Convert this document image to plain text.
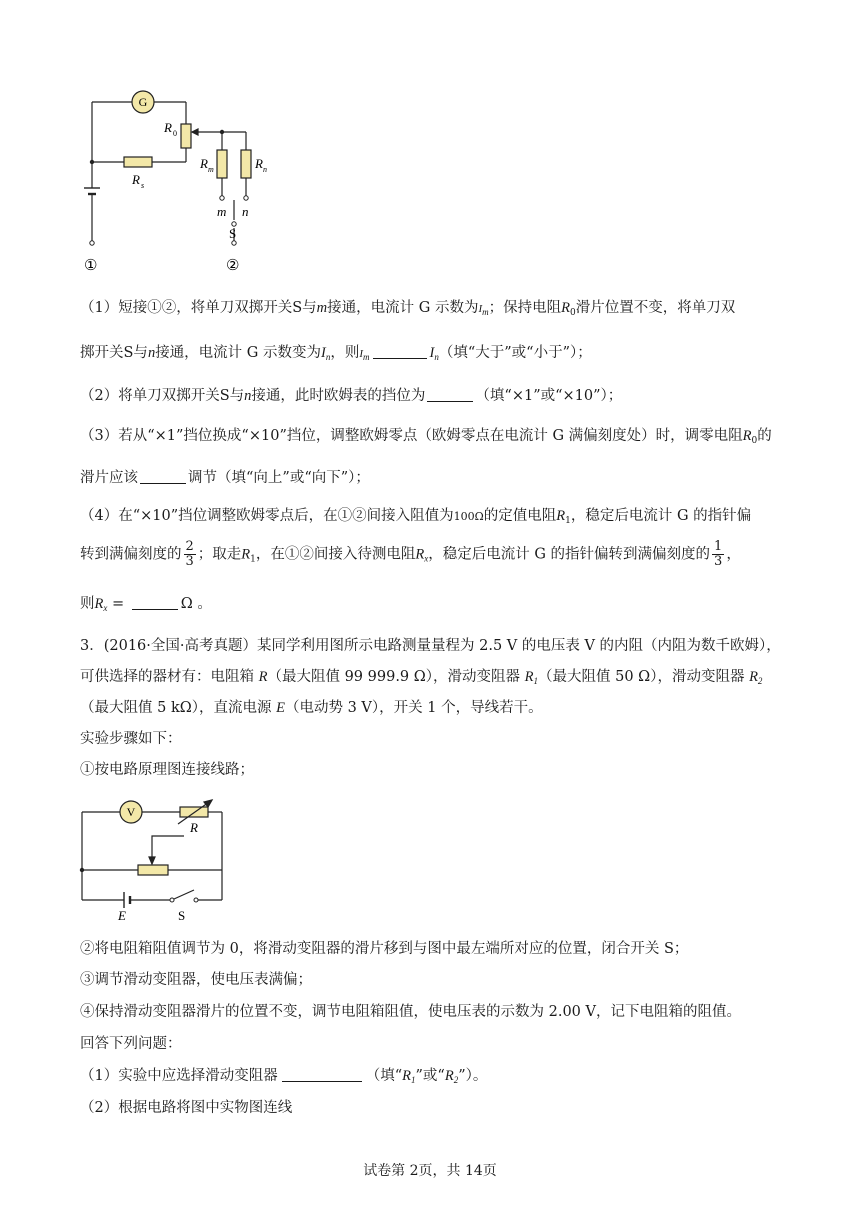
G
R 0
R s
R m	R n
m n
S
①	②
（1）短接①②，将单刀双掷开关S与m接通，电流计 G 示数为$I_m$；保持电阻$R_0$滑片位置不变，将单刀双
掷开关S与n接通，电流计 G 示数变为$I_n$，则$I_m$	$I_n$（填“大于”或“小于”）；
（2）将单刀双掷开关S与n接通，此时欧姆表的挡位为	（填“×1”或“×10”）；
（3）若从“×1”挡位换成“×10”挡位，调整欧姆零点（欧姆零点在电流计 G 满偏刻度处）时，调零电阻$R_0$的
滑片应该	调节（填“向上”或“向下”）；
（4）在“×10”挡位调整欧姆零点后，在①②间接入阻值为100Ω的定值电阻$R_1$，稳定后电流计 G 的指针偏
转到满偏刻度的 $\frac{2}{3}$ ；取走$R_1$，在①②间接入待测电阻$R_x$，稳定后电流计 G 的指针偏转到满偏刻度的 $\frac{1}{3}$ ，
则$R_x$ =	Ω 。
3．(2016·全国·高考真题）某同学利用图所示电路测量量程为 2.5 V 的电压表 V 的内阻（内阻为数千欧姆），
可供选择的器材有：电阻箱 R（最大阻值 99 999.9 Ω），滑动变阻器 $R_1$（最大阻值 50 Ω），滑动变阻器 $R_2$
（最大阻值 5 kΩ），直流电源 E（电动势 3 V），开关 1 个，导线若干。
实验步骤如下：
①按电路原理图连接线路；
V
R
E	S
②将电阻箱阻值调节为 0，将滑动变阻器的滑片移到与图中最左端所对应的位置，闭合开关 S；
③调节滑动变阻器，使电压表满偏；
④保持滑动变阻器滑片的位置不变，调节电阻箱阻值，使电压表的示数为 2.00 V，记下电阻箱的阻值。
回答下列问题：
（1）实验中应选择滑动变阻器	（填“$R_1$”或“$R_2$”）。
（2）根据电路将图中实物图连线
试卷第 2页，共 14页
